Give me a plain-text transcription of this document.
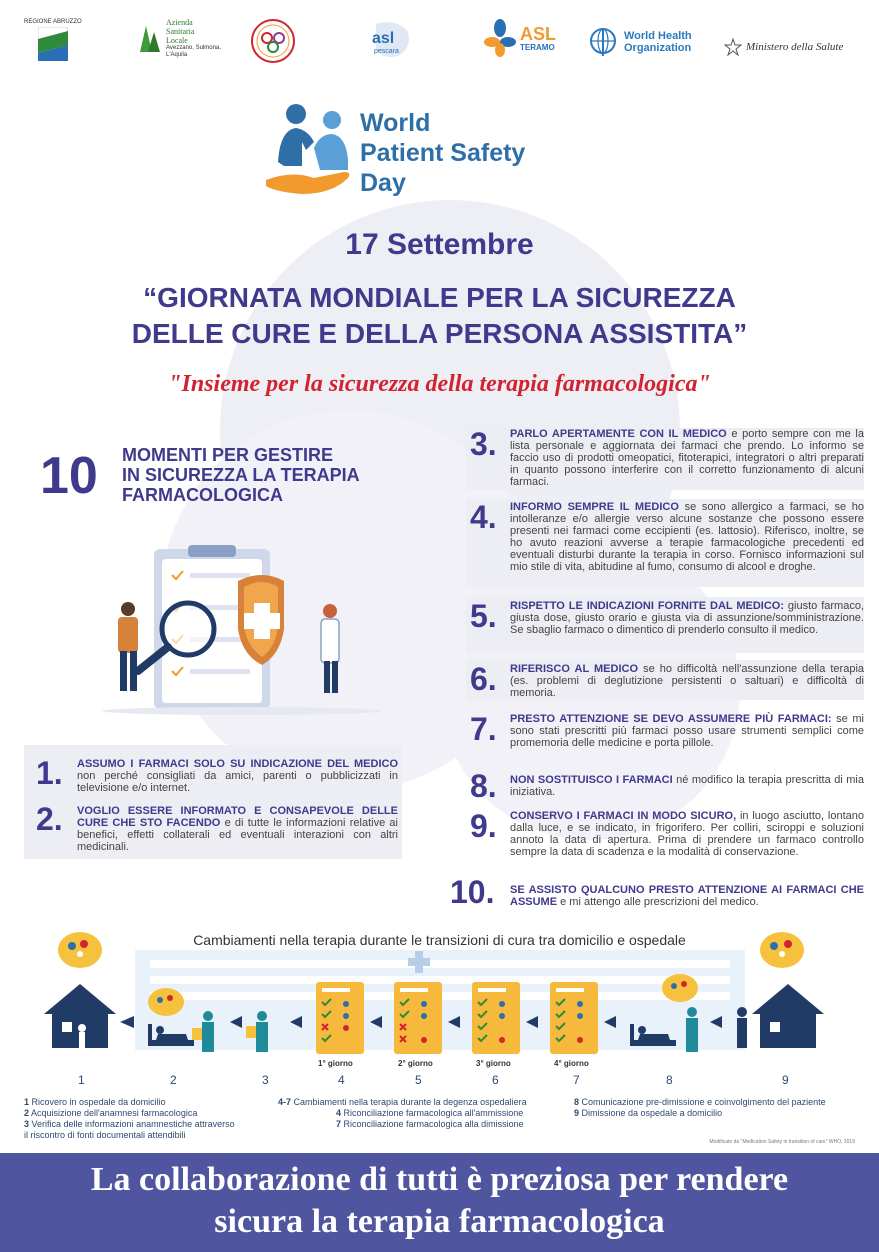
REGIONE ABRUZZO	Azienda
Sanitaria
Locale
Avezzano, Sulmona,
L'Aquila
asl
pescara
ASL
TERAMO
World Health
Organization	Ministero della Salute
World
Patient Safety
Day
17 Settembre
“GIORNATA MONDIALE PER LA SICUREZZA
DELLE CURE E DELLA PERSONA ASSISTITA”
"Insieme per la sicurezza della terapia farmacologica"
10 MOMENTI PER GESTIRE
IN SICUREZZA LA TERAPIA
FARMACOLOGICA
1. ASSUMO I FARMACI SOLO SU INDICAZIONE DEL MEDICO non perché consigliati da amici, parenti o pubblicizzati in televisione e/o internet.
2. VOGLIO ESSERE INFORMATO E CONSAPEVOLE DELLE CURE CHE STO FACENDO e di tutte le informazioni relative ai benefici, effetti collaterali ed eventuali interazioni con altri medicinali.
3. PARLO APERTAMENTE CON IL MEDICO e porto sempre con me la lista personale e aggiornata dei farmaci che prendo. Lo informo se faccio uso di prodotti omeopatici, fitoterapici, integratori o altri preparati in quanto possono interferire con il corretto funzionamento di alcuni farmaci.
4. INFORMO SEMPRE IL MEDICO se sono allergico a farmaci, se ho intolleranze e/o allergie verso alcune sostanze che possono essere presenti nei farmaci come eccipienti (es. lattosio). Riferisco, inoltre, se ho avuto reazioni avverse a terapie farmacologiche precedenti ed eventuali disturbi durante la terapia in corso. Fornisco informazioni sul mio stile di vita, abitudine al fumo, consumo di alcool e droghe.
5. RISPETTO LE INDICAZIONI FORNITE DAL MEDICO: giusto farmaco, giusta dose, giusto orario e giusta via di assunzione/somministrazione. Se sbaglio farmaco o dimentico di prenderlo consulto il medico.
6. RIFERISCO AL MEDICO se ho difficoltà nell'assunzione della terapia (es. problemi di deglutizione persistenti o saltuari) e difficoltà di memoria.
7. PRESTO ATTENZIONE SE DEVO ASSUMERE PIÙ FARMACI: se mi sono stati prescritti più farmaci posso usare strumenti semplici come promemoria delle medicine e porta pillole.
8. NON SOSTITUISCO I FARMACI né modifico la terapia prescritta di mia iniziativa.
9. CONSERVO I FARMACI IN MODO SICURO, in luogo asciutto, lontano dalla luce, e se indicato, in frigorifero. Per colliri, sciroppi e soluzioni annoto la data di apertura. Prima di prendere un farmaco controllo sempre la data di scadenza e la modalità di conservazione.
10. SE ASSISTO QUALCUNO PRESTO ATTENZIONE AI FARMACI CHE ASSUME e mi attengo alle prescrizioni del medico.
Cambiamenti nella terapia durante le transizioni di cura tra domicilio e ospedale
1° giorno	2° giorno	3° giorno	4° giorno
1	2	3	4	5	6	7	8	9
1 Ricovero in ospedale da domicilio
2 Acquisizione dell'anamnesi farmacologica
3 Verifica delle informazioni anamnestiche attraverso
il riscontro di fonti documentali attendibili
4-7 Cambiamenti nella terapia durante la degenza ospedaliera
4 Riconciliazione farmacologica all'ammissione
7 Riconciliazione farmacologica alla dimissione
8 Comunicazione pre-dimissione e coinvolgimento del paziente
9 Dimissione da ospedale a domicilio
Modificato da "Medication Safety in transition of care" WHO, 2019
La collaborazione di tutti è preziosa per rendere
sicura la terapia farmacologica
